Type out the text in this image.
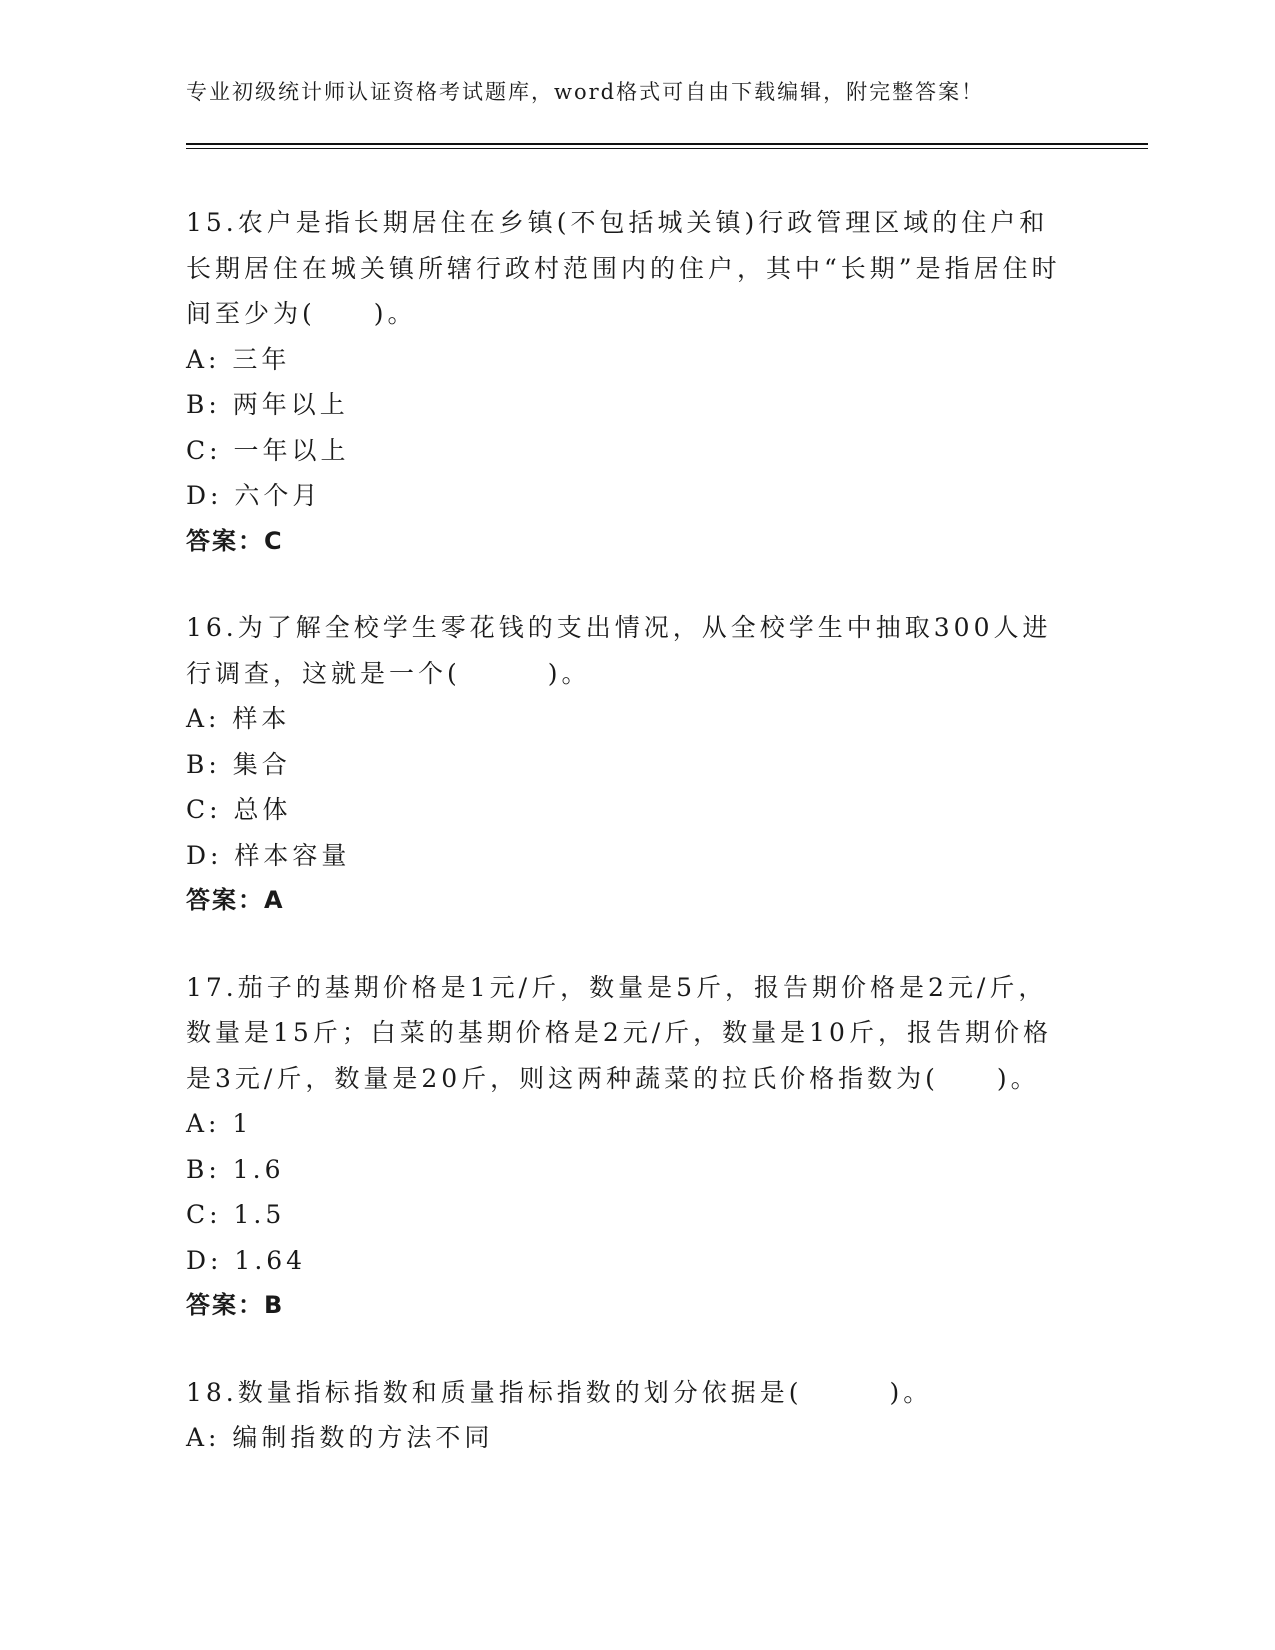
专业初级统计师认证资格考试题库，word格式可自由下载编辑，附完整答案！

15.农户是指长期居住在乡镇(不包括城关镇)行政管理区域的住户和长期居住在城关镇所辖行政村范围内的住户，其中“长期”是指居住时间至少为(　　)。

A: 三年
B: 两年以上
C: 一年以上
D: 六个月
答案：C

16.为了解全校学生零花钱的支出情况，从全校学生中抽取300人进行调查，这就是一个(　　　)。

A: 样本
B: 集合
C: 总体
D: 样本容量
答案：A

17.茄子的基期价格是1元/斤，数量是5斤，报告期价格是2元/斤，数量是15斤；白菜的基期价格是2元/斤，数量是10斤，报告期价格是3元/斤，数量是20斤，则这两种蔬菜的拉氏价格指数为(　　)。

A: 1
B: 1.6
C: 1.5
D: 1.64
答案：B

18.数量指标指数和质量指标指数的划分依据是(　　　)。

A: 编制指数的方法不同
